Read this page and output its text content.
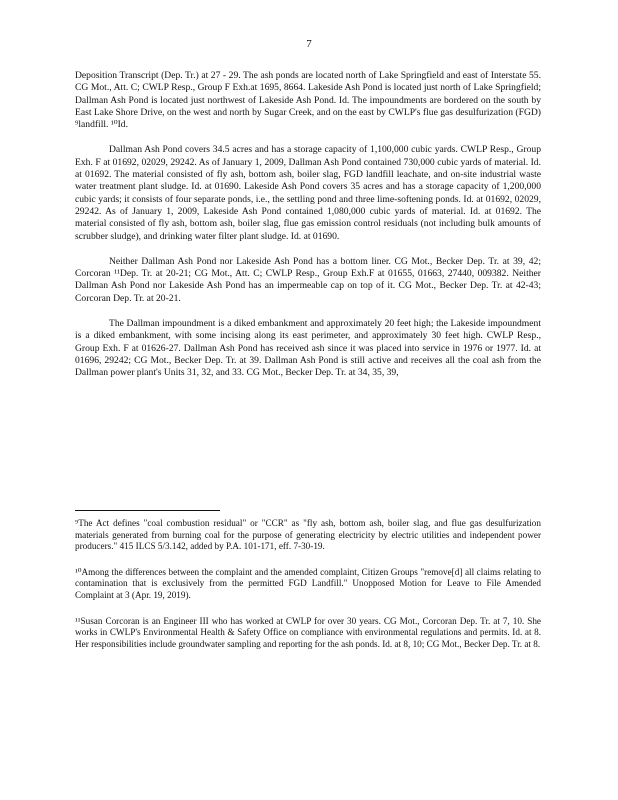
7

Deposition Transcript (Dep. Tr.) at 27 - 29. The ash ponds are located north of Lake Springfield and east of Interstate 55. CG Mot., Att. C; CWLP Resp., Group F Exh.at 1695, 8664. Lakeside Ash Pond is located just north of Lake Springfield; Dallman Ash Pond is located just northwest of Lakeside Ash Pond. Id. The impoundments are bordered on the south by East Lake Shore Drive, on the west and north by Sugar Creek, and on the east by CWLP's flue gas desulfurization (FGD) ⁹landfill. ¹⁰Id.

Dallman Ash Pond covers 34.5 acres and has a storage capacity of 1,100,000 cubic yards. CWLP Resp., Group Exh. F at 01692, 02029, 29242. As of January 1, 2009, Dallman Ash Pond contained 730,000 cubic yards of material. Id. at 01692. The material consisted of fly ash, bottom ash, boiler slag, FGD landfill leachate, and on-site industrial waste water treatment plant sludge. Id. at 01690. Lakeside Ash Pond covers 35 acres and has a storage capacity of 1,200,000 cubic yards; it consists of four separate ponds, i.e., the settling pond and three lime-softening ponds. Id. at 01692, 02029, 29242. As of January 1, 2009, Lakeside Ash Pond contained 1,080,000 cubic yards of material. Id. at 01692. The material consisted of fly ash, bottom ash, boiler slag, flue gas emission control residuals (not including bulk amounts of scrubber sludge), and drinking water filter plant sludge. Id. at 01690.

Neither Dallman Ash Pond nor Lakeside Ash Pond has a bottom liner. CG Mot., Becker Dep. Tr. at 39, 42; Corcoran ¹¹Dep. Tr. at 20-21; CG Mot., Att. C; CWLP Resp., Group Exh.F at 01655, 01663, 27440, 009382. Neither Dallman Ash Pond nor Lakeside Ash Pond has an impermeable cap on top of it. CG Mot., Becker Dep. Tr. at 42-43; Corcoran Dep. Tr. at 20-21.

The Dallman impoundment is a diked embankment and approximately 20 feet high; the Lakeside impoundment is a diked embankment, with some incising along its east perimeter, and approximately 30 feet high. CWLP Resp., Group Exh. F at 01626-27. Dallman Ash Pond has received ash since it was placed into service in 1976 or 1977. Id. at 01696, 29242; CG Mot., Becker Dep. Tr. at 39. Dallman Ash Pond is still active and receives all the coal ash from the Dallman power plant's Units 31, 32, and 33. CG Mot., Becker Dep. Tr. at 34, 35, 39,

⁹The Act defines "coal combustion residual" or "CCR" as "fly ash, bottom ash, boiler slag, and flue gas desulfurization materials generated from burning coal for the purpose of generating electricity by electric utilities and independent power producers." 415 ILCS 5/3.142, added by P.A. 101-171, eff. 7-30-19.

¹⁰Among the differences between the complaint and the amended complaint, Citizen Groups "remove[d] all claims relating to contamination that is exclusively from the permitted FGD Landfill." Unopposed Motion for Leave to File Amended Complaint at 3 (Apr. 19, 2019).

¹¹Susan Corcoran is an Engineer III who has worked at CWLP for over 30 years. CG Mot., Corcoran Dep. Tr. at 7, 10. She works in CWLP's Environmental Health & Safety Office on compliance with environmental regulations and permits. Id. at 8. Her responsibilities include groundwater sampling and reporting for the ash ponds. Id. at 8, 10; CG Mot., Becker Dep. Tr. at 8.
